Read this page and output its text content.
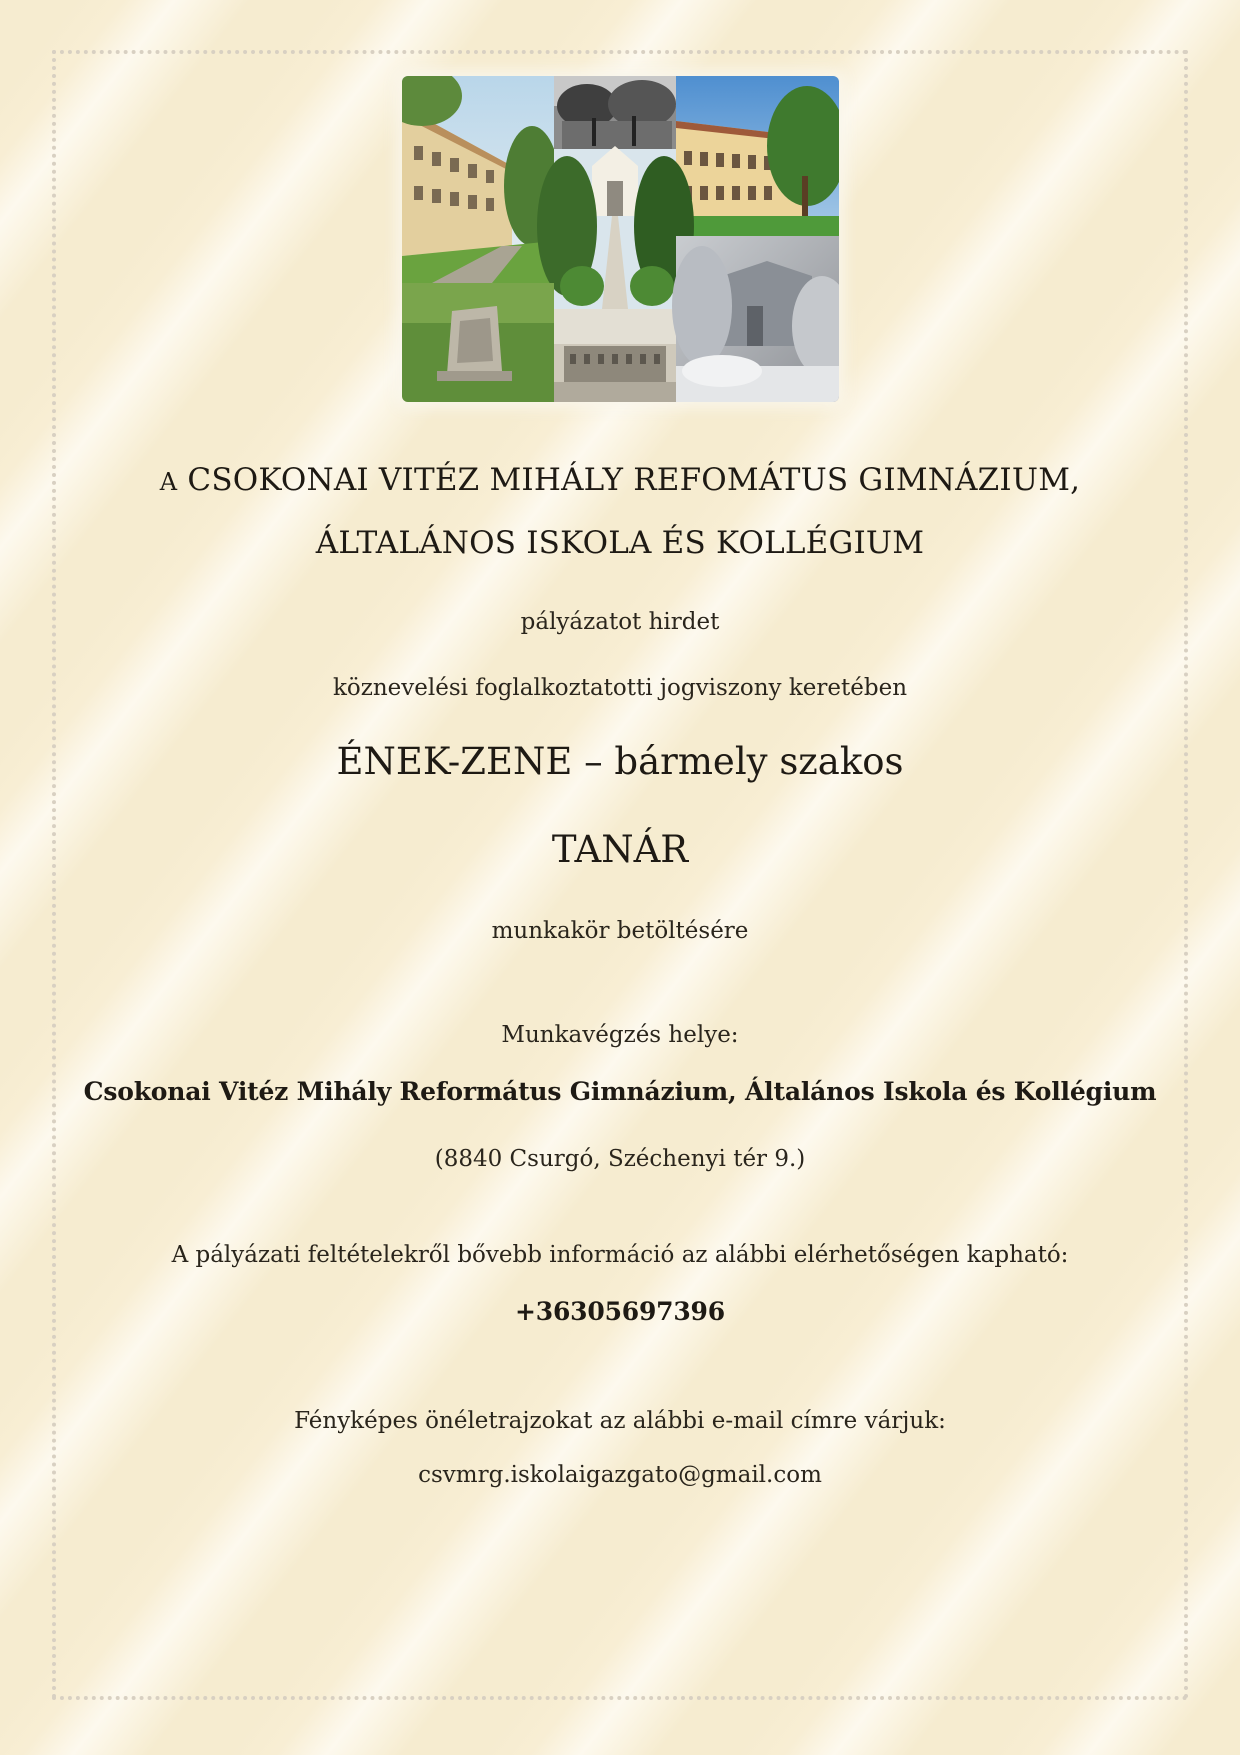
A CSOKONAI VITÉZ MIHÁLY REFOMÁTUS GIMNÁZIUM,
ÁLTALÁNOS ISKOLA ÉS KOLLÉGIUM
pályázatot hirdet
köznevelési foglalkoztatotti jogviszony keretében
ÉNEK-ZENE – bármely szakos
TANÁR
munkakör betöltésére
Munkavégzés helye:
Csokonai Vitéz Mihály Református Gimnázium, Általános Iskola és Kollégium
(8840 Csurgó, Széchenyi tér 9.)
A pályázati feltételekről bővebb információ az alábbi elérhetőségen kapható:
+36305697396
Fényképes önéletrajzokat az alábbi e-mail címre várjuk:
csvmrg.iskolaigazgato@gmail.com
